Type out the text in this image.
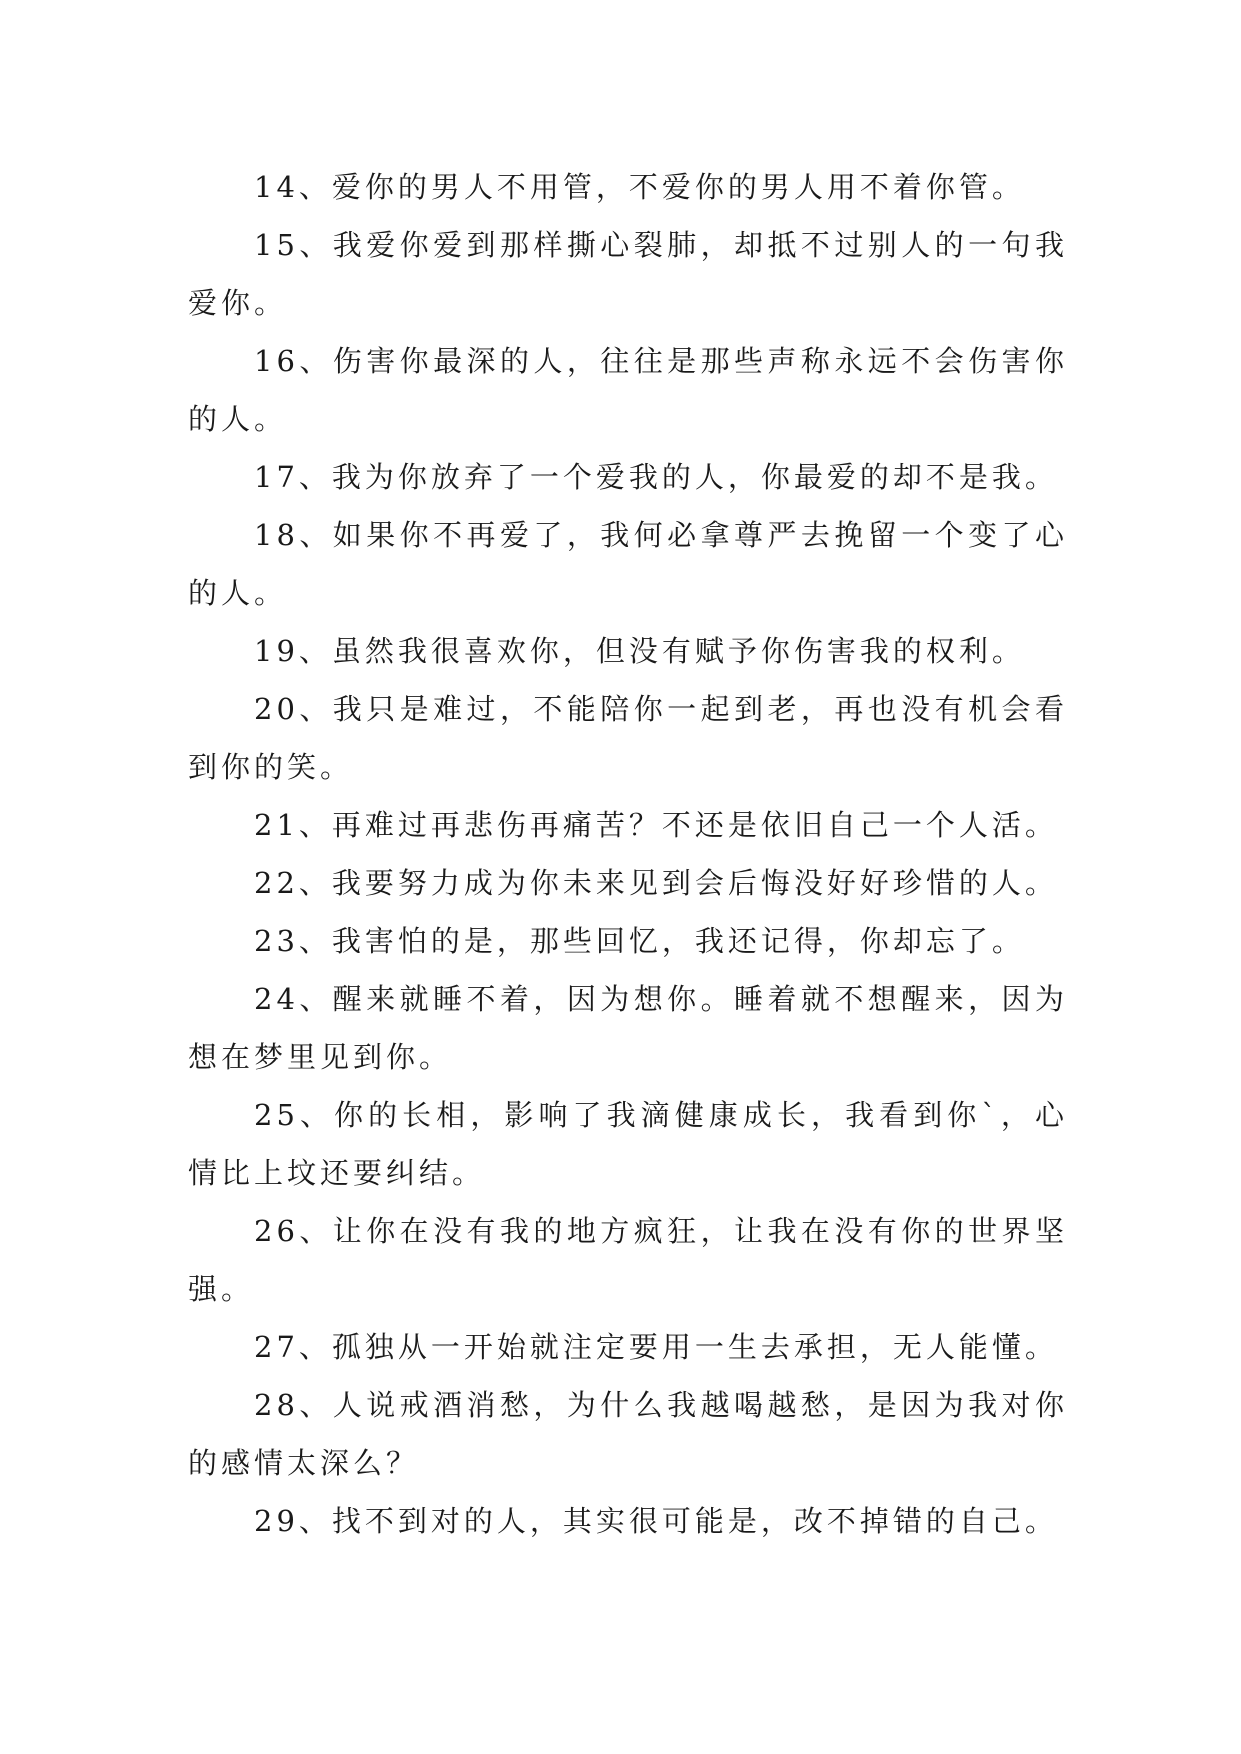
14、爱你的男人不用管，不爱你的男人用不着你管。

15、我爱你爱到那样撕心裂肺，却抵不过别人的一句我爱你。

16、伤害你最深的人，往往是那些声称永远不会伤害你的人。

17、我为你放弃了一个爱我的人，你最爱的却不是我。

18、如果你不再爱了，我何必拿尊严去挽留一个变了心的人。

19、虽然我很喜欢你，但没有赋予你伤害我的权利。

20、我只是难过，不能陪你一起到老，再也没有机会看到你的笑。

21、再难过再悲伤再痛苦？不还是依旧自己一个人活。

22、我要努力成为你未来见到会后悔没好好珍惜的人。

23、我害怕的是，那些回忆，我还记得，你却忘了。

24、醒来就睡不着，因为想你。睡着就不想醒来，因为想在梦里见到你。

25、你的长相，影响了我滴健康成长，我看到你`，心情比上坟还要纠结。

26、让你在没有我的地方疯狂，让我在没有你的世界坚强。

27、孤独从一开始就注定要用一生去承担，无人能懂。

28、人说戒酒消愁，为什么我越喝越愁，是因为我对你的感情太深么？

29、找不到对的人，其实很可能是，改不掉错的自己。
